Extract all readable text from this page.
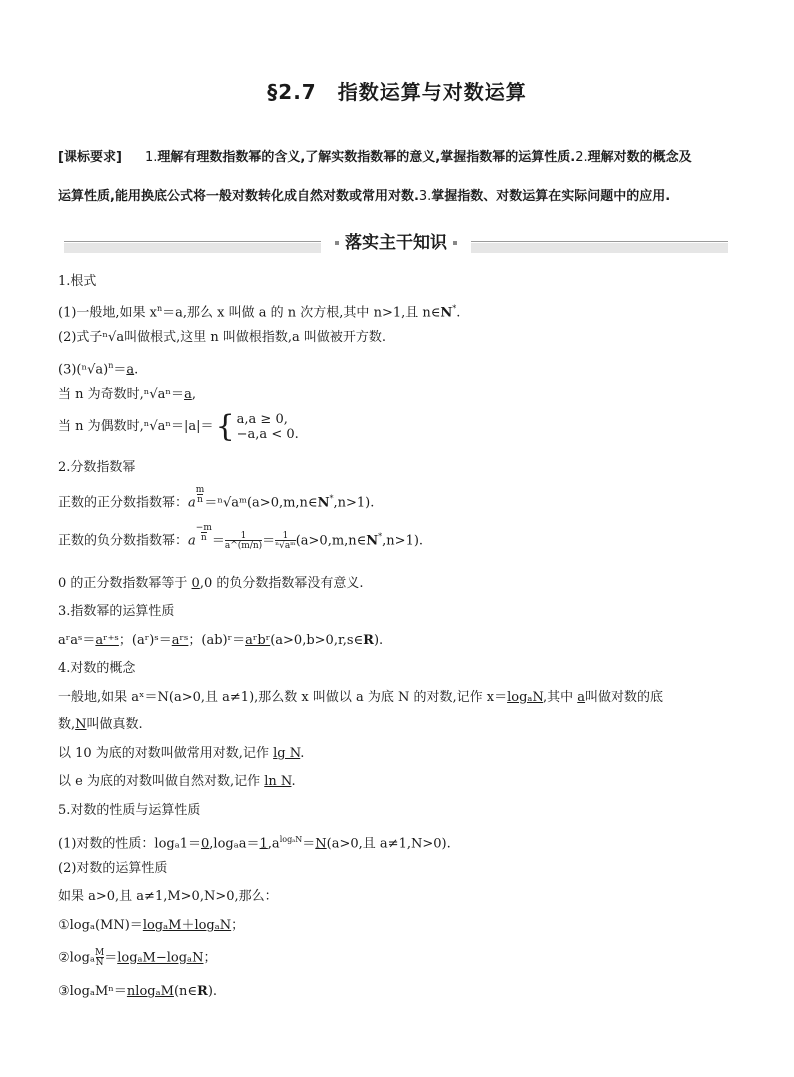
§2.7　指数运算与对数运算
[课标要求] 1.理解有理数指数幂的含义,了解实数指数幂的意义,掌握指数幂的运算性质.2.理解对数的概念及
运算性质,能用换底公式将一般对数转化成自然对数或常用对数.3.掌握指数、对数运算在实际问题中的应用.
落实主干知识
1.根式
(1)一般地,如果 $x^n=a$,那么 x 叫做 a 的 n 次方根,其中 n>1,且 n∈N*.
(2)式子ⁿ√a叫做根式,这里 n 叫做根指数,a 叫做被开方数.
$(3)(^n√a)^n=a$.
当 n 为奇数时,ⁿ√aⁿ＝a,
当 n 为偶数时,ⁿ√aⁿ＝|a|＝{ a,a ≥ 0,
−a,a < 0.
2.分数指数幂
正数的正分数指数幂：$a\frac{m}{n}=^n√aᵐ(a>0,m,n\in N^*,n>1)$.
正数的负分数指数幂：$a\frac{-m}{n}=\frac{1}{a\^{}(m/n)}=\frac{1}{\text{ⁿ√aᵐ}}(a>0,m,n\in N^*,n>1)$.
0 的正分数指数幂等于 0,0 的负分数指数幂没有意义.
3.指数幂的运算性质
aʳaˢ＝aʳ⁺ˢ；(aʳ)ˢ＝aʳˢ；(ab)ʳ＝aʳbʳ(a>0,b>0,r,s∈R).
4.对数的概念
一般地,如果 aˣ＝N(a>0,且 a≠1),那么数 x 叫做以 a 为底 N 的对数,记作 x＝logₐN,其中 a叫做对数的底
数,N叫做真数.
以 10 为底的对数叫做常用对数,记作 lg N.
以 e 为底的对数叫做自然对数,记作 ln N.
5.对数的性质与运算性质
(1)对数的性质：$\log_a1=0,\log_aa=1,a^{log_aN}=N(a>0$,且 a≠1,N>0).
(2)对数的运算性质
如果 a>0,且 a≠1,M>0,N>0,那么：
①logₐ(MN)＝logₐM＋logₐN；
$②\log_a\frac{M}{N}=\log_aM-\log_aN$；
③logₐMⁿ＝nlogₐM(n∈R).
